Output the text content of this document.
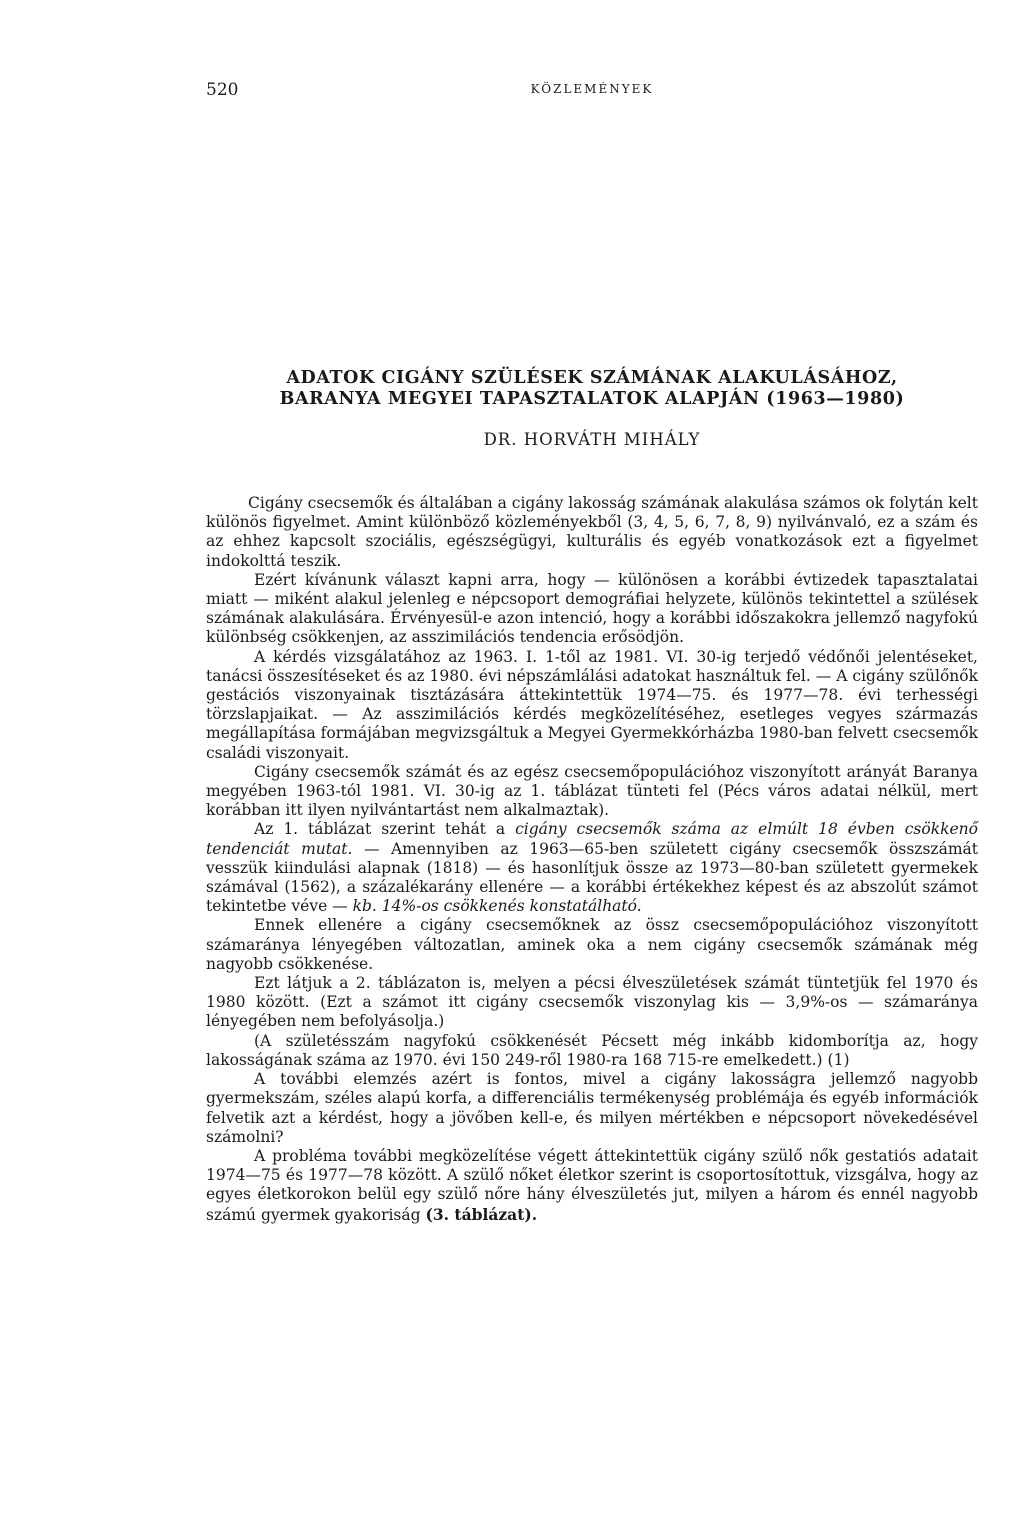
520	KÖZLEMÉNYEK
ADATOK CIGÁNY SZÜLÉSEK SZÁMÁNAK ALAKULÁSÁHOZ,
BARANYA MEGYEI TAPASZTALATOK ALAPJÁN (1963—1980)
DR. HORVÁTH MIHÁLY

Cigány csecsemők és általában a cigány lakosság számának alakulása számos ok folytán kelt különös figyelmet. Amint különböző közleményekből (3, 4, 5, 6, 7, 8, 9) nyilvánvaló, ez a szám és az ehhez kapcsolt szociális, egészségügyi, kulturális és egyéb vonatkozások ezt a figyelmet indokolttá teszik.

Ezért kívánunk választ kapni arra, hogy — különösen a korábbi évtizedek tapasztalatai miatt — miként alakul jelenleg e népcsoport demográfiai helyzete, különös tekintettel a szülések számának alakulására. Érvényesül-e azon intenció, hogy a korábbi időszakokra jellemző nagyfokú különbség csökkenjen, az asszimilációs tendencia erősödjön.

A kérdés vizsgálatához az 1963. I. 1-től az 1981. VI. 30-ig terjedő védőnői jelentéseket, tanácsi összesítéseket és az 1980. évi népszámlálási adatokat használtuk fel. — A cigány szülőnők gestációs viszonyainak tisztázására áttekintettük 1974—75. és 1977—78. évi terhességi törzslapjaikat. — Az asszimilációs kérdés megközelítéséhez, esetleges vegyes származás megállapítása formájában megvizsgáltuk a Megyei Gyermekkórházba 1980-ban felvett csecsemők családi viszonyait.

Cigány csecsemők számát és az egész csecsemőpopulációhoz viszonyított arányát Baranya megyében 1963-tól 1981. VI. 30-ig az 1. táblázat tünteti fel (Pécs város adatai nélkül, mert korábban itt ilyen nyilvántartást nem alkalmaztak).

Az 1. táblázat szerint tehát a cigány csecsemők száma az elmúlt 18 évben csökkenő tendenciát mutat. — Amennyiben az 1963—65-ben született cigány csecsemők összszámát vesszük kiindulási alapnak (1818) — és hasonlítjuk össze az 1973—80-ban született gyermekek számával (1562), a százalékarány ellenére — a korábbi értékekhez képest és az abszolút számot tekintetbe véve — kb. 14%-os csökkenés konstatálható.

Ennek ellenére a cigány csecsemőknek az össz csecsemőpopulációhoz viszonyított számaránya lényegében változatlan, aminek oka a nem cigány csecsemők számának még nagyobb csökkenése.

Ezt látjuk a 2. táblázaton is, melyen a pécsi élveszületések számát tüntetjük fel 1970 és 1980 között. (Ezt a számot itt cigány csecsemők viszonylag kis — 3,9%-os — számaránya lényegében nem befolyásolja.)

(A születésszám nagyfokú csökkenését Pécsett még inkább kidomborítja az, hogy lakosságának száma az 1970. évi 150 249-ről 1980-ra 168 715-re emelkedett.) (1)

A további elemzés azért is fontos, mivel a cigány lakosságra jellemző nagyobb gyermekszám, széles alapú korfa, a differenciális termékenység problémája és egyéb információk felvetik azt a kérdést, hogy a jövőben kell-e, és milyen mértékben e népcsoport növekedésével számolni?

A probléma további megközelítése végett áttekintettük cigány szülő nők gestatiós adatait 1974—75 és 1977—78 között. A szülő nőket életkor szerint is csoportosítottuk, vizsgálva, hogy az egyes életkorokon belül egy szülő nőre hány élveszületés jut, milyen a három és ennél nagyobb számú gyermek gyakoriság (3. táblázat).
